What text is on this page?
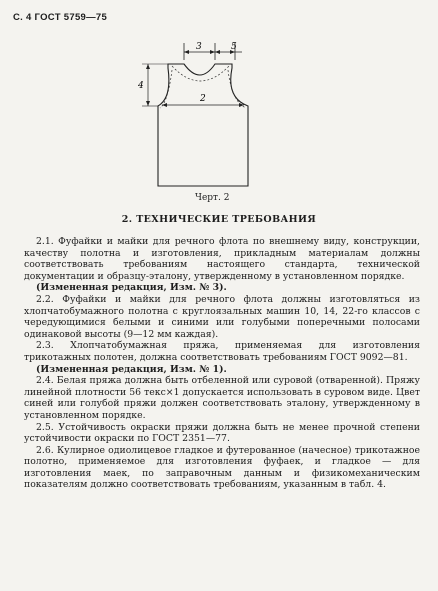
С. 4 ГОСТ 5759—75
3	5
4
2
Черт. 2
2. ТЕХНИЧЕСКИЕ ТРЕБОВАНИЯ

2.1. Фуфайки и майки для речного флота по внешнему виду, конструкции, качеству полотна и изготовления, прикладным материалам должны соответствовать требованиям настоящего стандарта, технической документации и образцу-эталону, утвержденному в установленном порядке.

(Измененная редакция, Изм. № 3).

2.2. Фуфайки и майки для речного флота должны изготовляться из хлопчатобумажного полотна с круглоязальных машин 10, 14, 22-го классов с чередующимися белыми и синими или голубыми поперечными полосами одинаковой высоты (9—12 мм каждая).

2.3. Хлопчатобумажная пряжа, применяемая для изготовления трикотажных полотен, должна соответствовать требованиям ГОСТ 9092—81.

(Измененная редакция, Изм. № 1).

2.4. Белая пряжа должна быть отбеленной или суровой (отваренной). Пряжу линейной плотности 56 текс×1 допускается использовать в суровом виде. Цвет синей или голубой пряжи должен соответствовать эталону, утвержденному в установленном порядке.

2.5. Устойчивость окраски пряжи должна быть не менее прочной степени устойчивости окраски по ГОСТ 2351—77.

2.6. Кулирное одиолицевое гладкое и футерованное (начесное) трикотажное полотно, применяемое для изготовления фуфаек, и гладкое — для изготовления маек, по заправочным данным и физикомеханическим показателям должно соответствовать требованиям, указанным в табл. 4.
